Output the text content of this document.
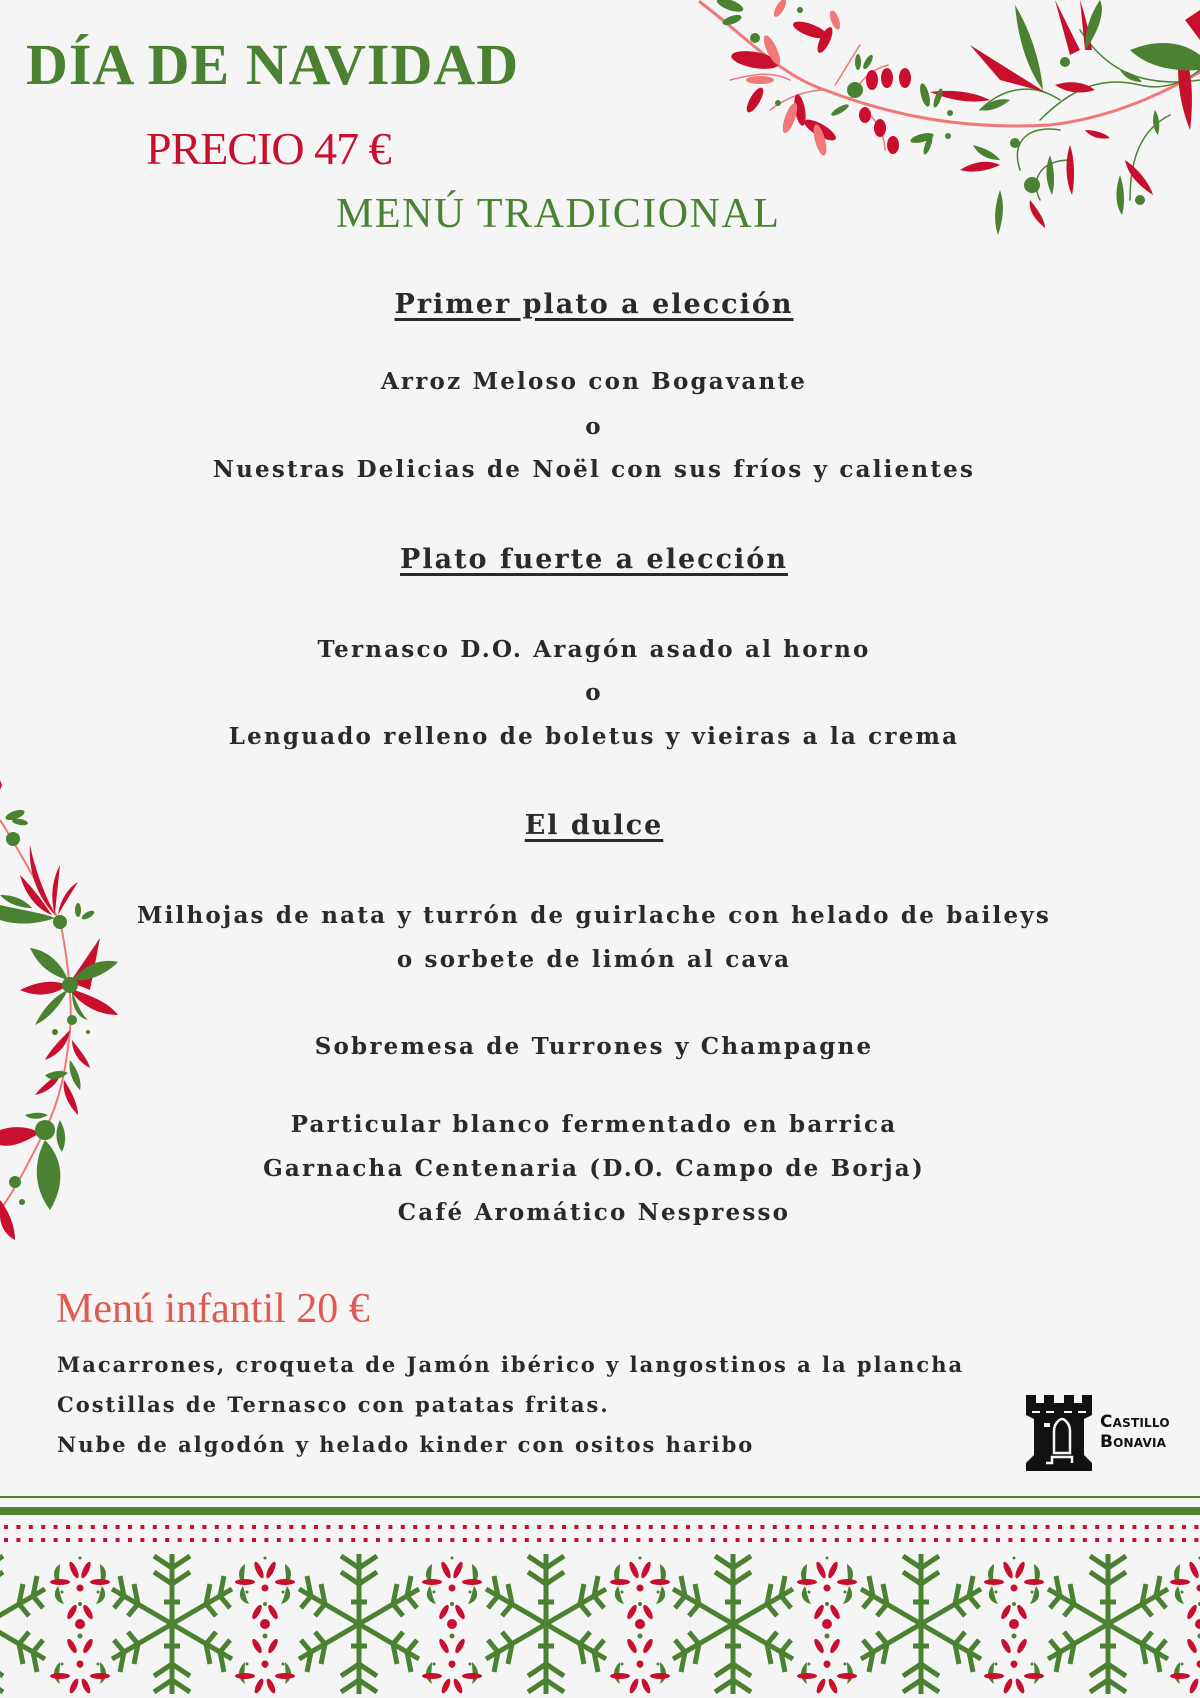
DÍA DE NAVIDAD
PRECIO 47 €
MENÚ TRADICIONAL
Primer plato a elección
Arroz Meloso con Bogavante
o
Nuestras Delicias de Noël con sus fríos y calientes
Plato fuerte a elección
Ternasco D.O. Aragón asado al horno
o
Lenguado relleno de boletus y vieiras a la crema
El dulce
Milhojas de nata y turrón de guirlache con helado de baileys
o sorbete de limón al cava
Sobremesa de Turrones y Champagne
Particular blanco fermentado en barrica
Garnacha Centenaria (D.O. Campo de Borja)
Café Aromático Nespresso
Menú infantil 20 €
Macarrones, croqueta de Jamón ibérico y langostinos a la plancha
Costillas de Ternasco con patatas fritas.
Nube de algodón y helado kinder con ositos haribo
Castillo
Bonavia
